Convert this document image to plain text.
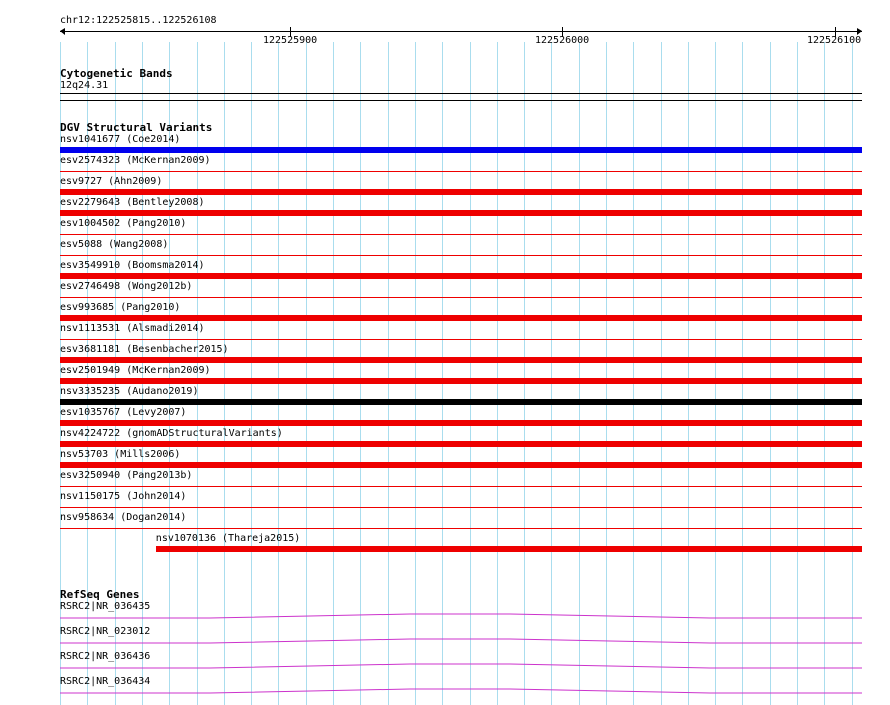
chr12:122525815..122526108
122525900	122526000	122526100
Cytogenetic Bands
12q24.31
DGV Structural Variants
nsv1041677 (Coe2014)
esv2574323 (McKernan2009)
esv9727 (Ahn2009)
esv2279643 (Bentley2008)
esv1004502 (Pang2010)
esv5088 (Wang2008)
esv3549910 (Boomsma2014)
esv2746498 (Wong2012b)
esv993685 (Pang2010)
nsv1113531 (Alsmadi2014)
esv3681181 (Besenbacher2015)
esv2501949 (McKernan2009)
nsv3335235 (Audano2019)
esv1035767 (Levy2007)
nsv4224722 (gnomADStructuralVariants)
nsv53703 (Mills2006)
esv3250940 (Pang2013b)
nsv1150175 (John2014)
nsv958634 (Dogan2014)
nsv1070136 (Thareja2015)
RefSeq Genes
RSRC2|NR_036435
RSRC2|NR_023012
RSRC2|NR_036436
RSRC2|NR_036434
